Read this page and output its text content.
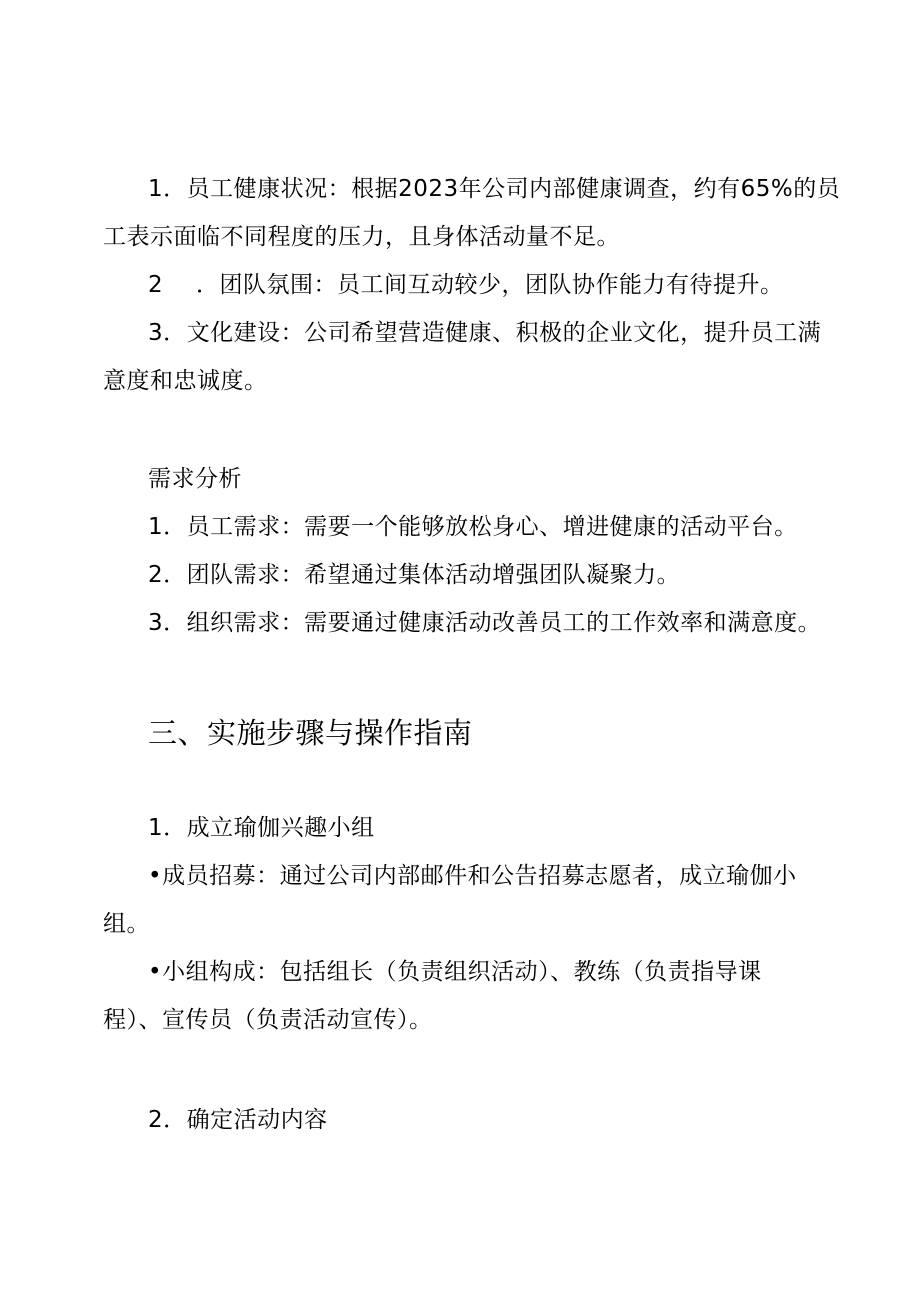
1．员工健康状况：根据2023年公司内部健康调查，约有65%的员
工表示面临不同程度的压力，且身体活动量不足。
2 ．团队氛围：员工间互动较少，团队协作能力有待提升。
3．文化建设：公司希望营造健康、积极的企业文化，提升员工满
意度和忠诚度。
需求分析
1．员工需求：需要一个能够放松身心、增进健康的活动平台。
2．团队需求：希望通过集体活动增强团队凝聚力。
3．组织需求：需要通过健康活动改善员工的工作效率和满意度。
三、实施步骤与操作指南
1．成立瑜伽兴趣小组
•成员招募：通过公司内部邮件和公告招募志愿者，成立瑜伽小
组。
•小组构成：包括组长（负责组织活动）、教练（负责指导课
程）、宣传员（负责活动宣传）。
2．确定活动内容
